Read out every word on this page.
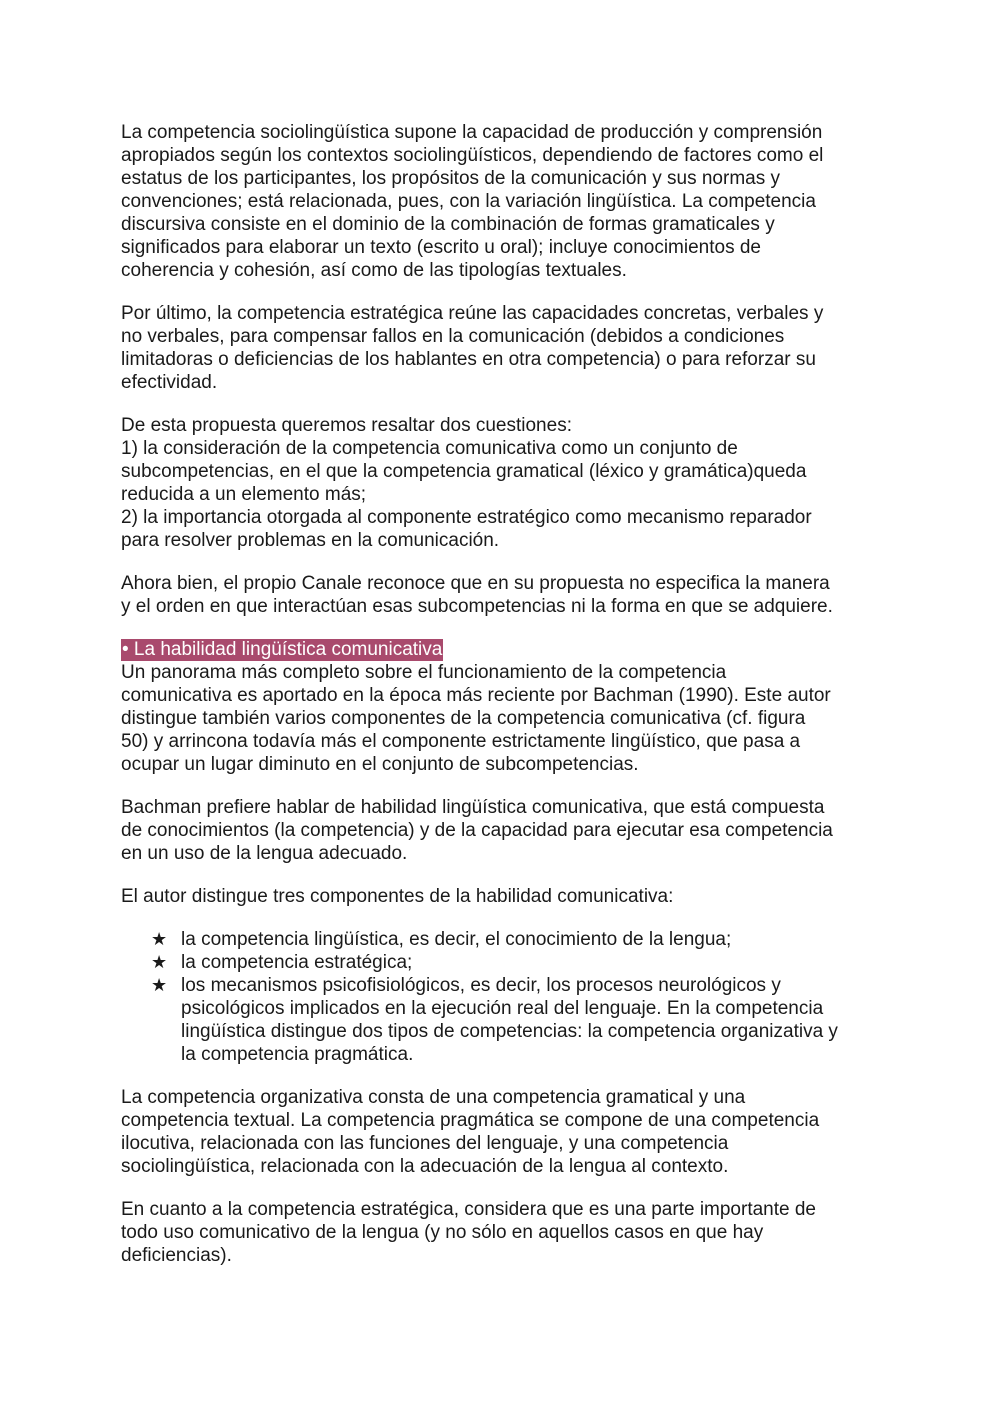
La competencia sociolingüística supone la capacidad de producción y comprensión
apropiados según los contextos sociolingüísticos, dependiendo de factores como el
estatus de los participantes, los propósitos de la comunicación y sus normas y
convenciones; está relacionada, pues, con la variación lingüística. La competencia
discursiva consiste en el dominio de la combinación de formas gramaticales y
significados para elaborar un texto (escrito u oral); incluye conocimientos de
coherencia y cohesión, así como de las tipologías textuales.

Por último, la competencia estratégica reúne las capacidades concretas, verbales y
no verbales, para compensar fallos en la comunicación (debidos a condiciones
limitadoras o deficiencias de los hablantes en otra competencia) o para reforzar su
efectividad.

De esta propuesta queremos resaltar dos cuestiones:
1) la consideración de la competencia comunicativa como un conjunto de
subcompetencias, en el que la competencia gramatical (léxico y gramática)queda
reducida a un elemento más;
2) la importancia otorgada al componente estratégico como mecanismo reparador
para resolver problemas en la comunicación.

Ahora bien, el propio Canale reconoce que en su propuesta no especifica la manera
y el orden en que interactúan esas subcompetencias ni la forma en que se adquiere.

• La habilidad lingüística comunicativa

Un panorama más completo sobre el funcionamiento de la competencia
comunicativa es aportado en la época más reciente por Bachman (1990). Este autor
distingue también varios componentes de la competencia comunicativa (cf. figura
50) y arrincona todavía más el componente estrictamente lingüístico, que pasa a
ocupar un lugar diminuto en el conjunto de subcompetencias.

Bachman prefiere hablar de habilidad lingüística comunicativa, que está compuesta
de conocimientos (la competencia) y de la capacidad para ejecutar esa competencia
en un uso de la lengua adecuado.

El autor distingue tres componentes de la habilidad comunicativa:

★ la competencia lingüística, es decir, el conocimiento de la lengua;
★ la competencia estratégica;
★ los mecanismos psicofisiológicos, es decir, los procesos neurológicos y
psicológicos implicados en la ejecución real del lenguaje. En la competencia
lingüística distingue dos tipos de competencias: la competencia organizativa y
la competencia pragmática.

La competencia organizativa consta de una competencia gramatical y una
competencia textual. La competencia pragmática se compone de una competencia
ilocutiva, relacionada con las funciones del lenguaje, y una competencia
sociolingüística, relacionada con la adecuación de la lengua al contexto.

En cuanto a la competencia estratégica, considera que es una parte importante de
todo uso comunicativo de la lengua (y no sólo en aquellos casos en que hay
deficiencias).
